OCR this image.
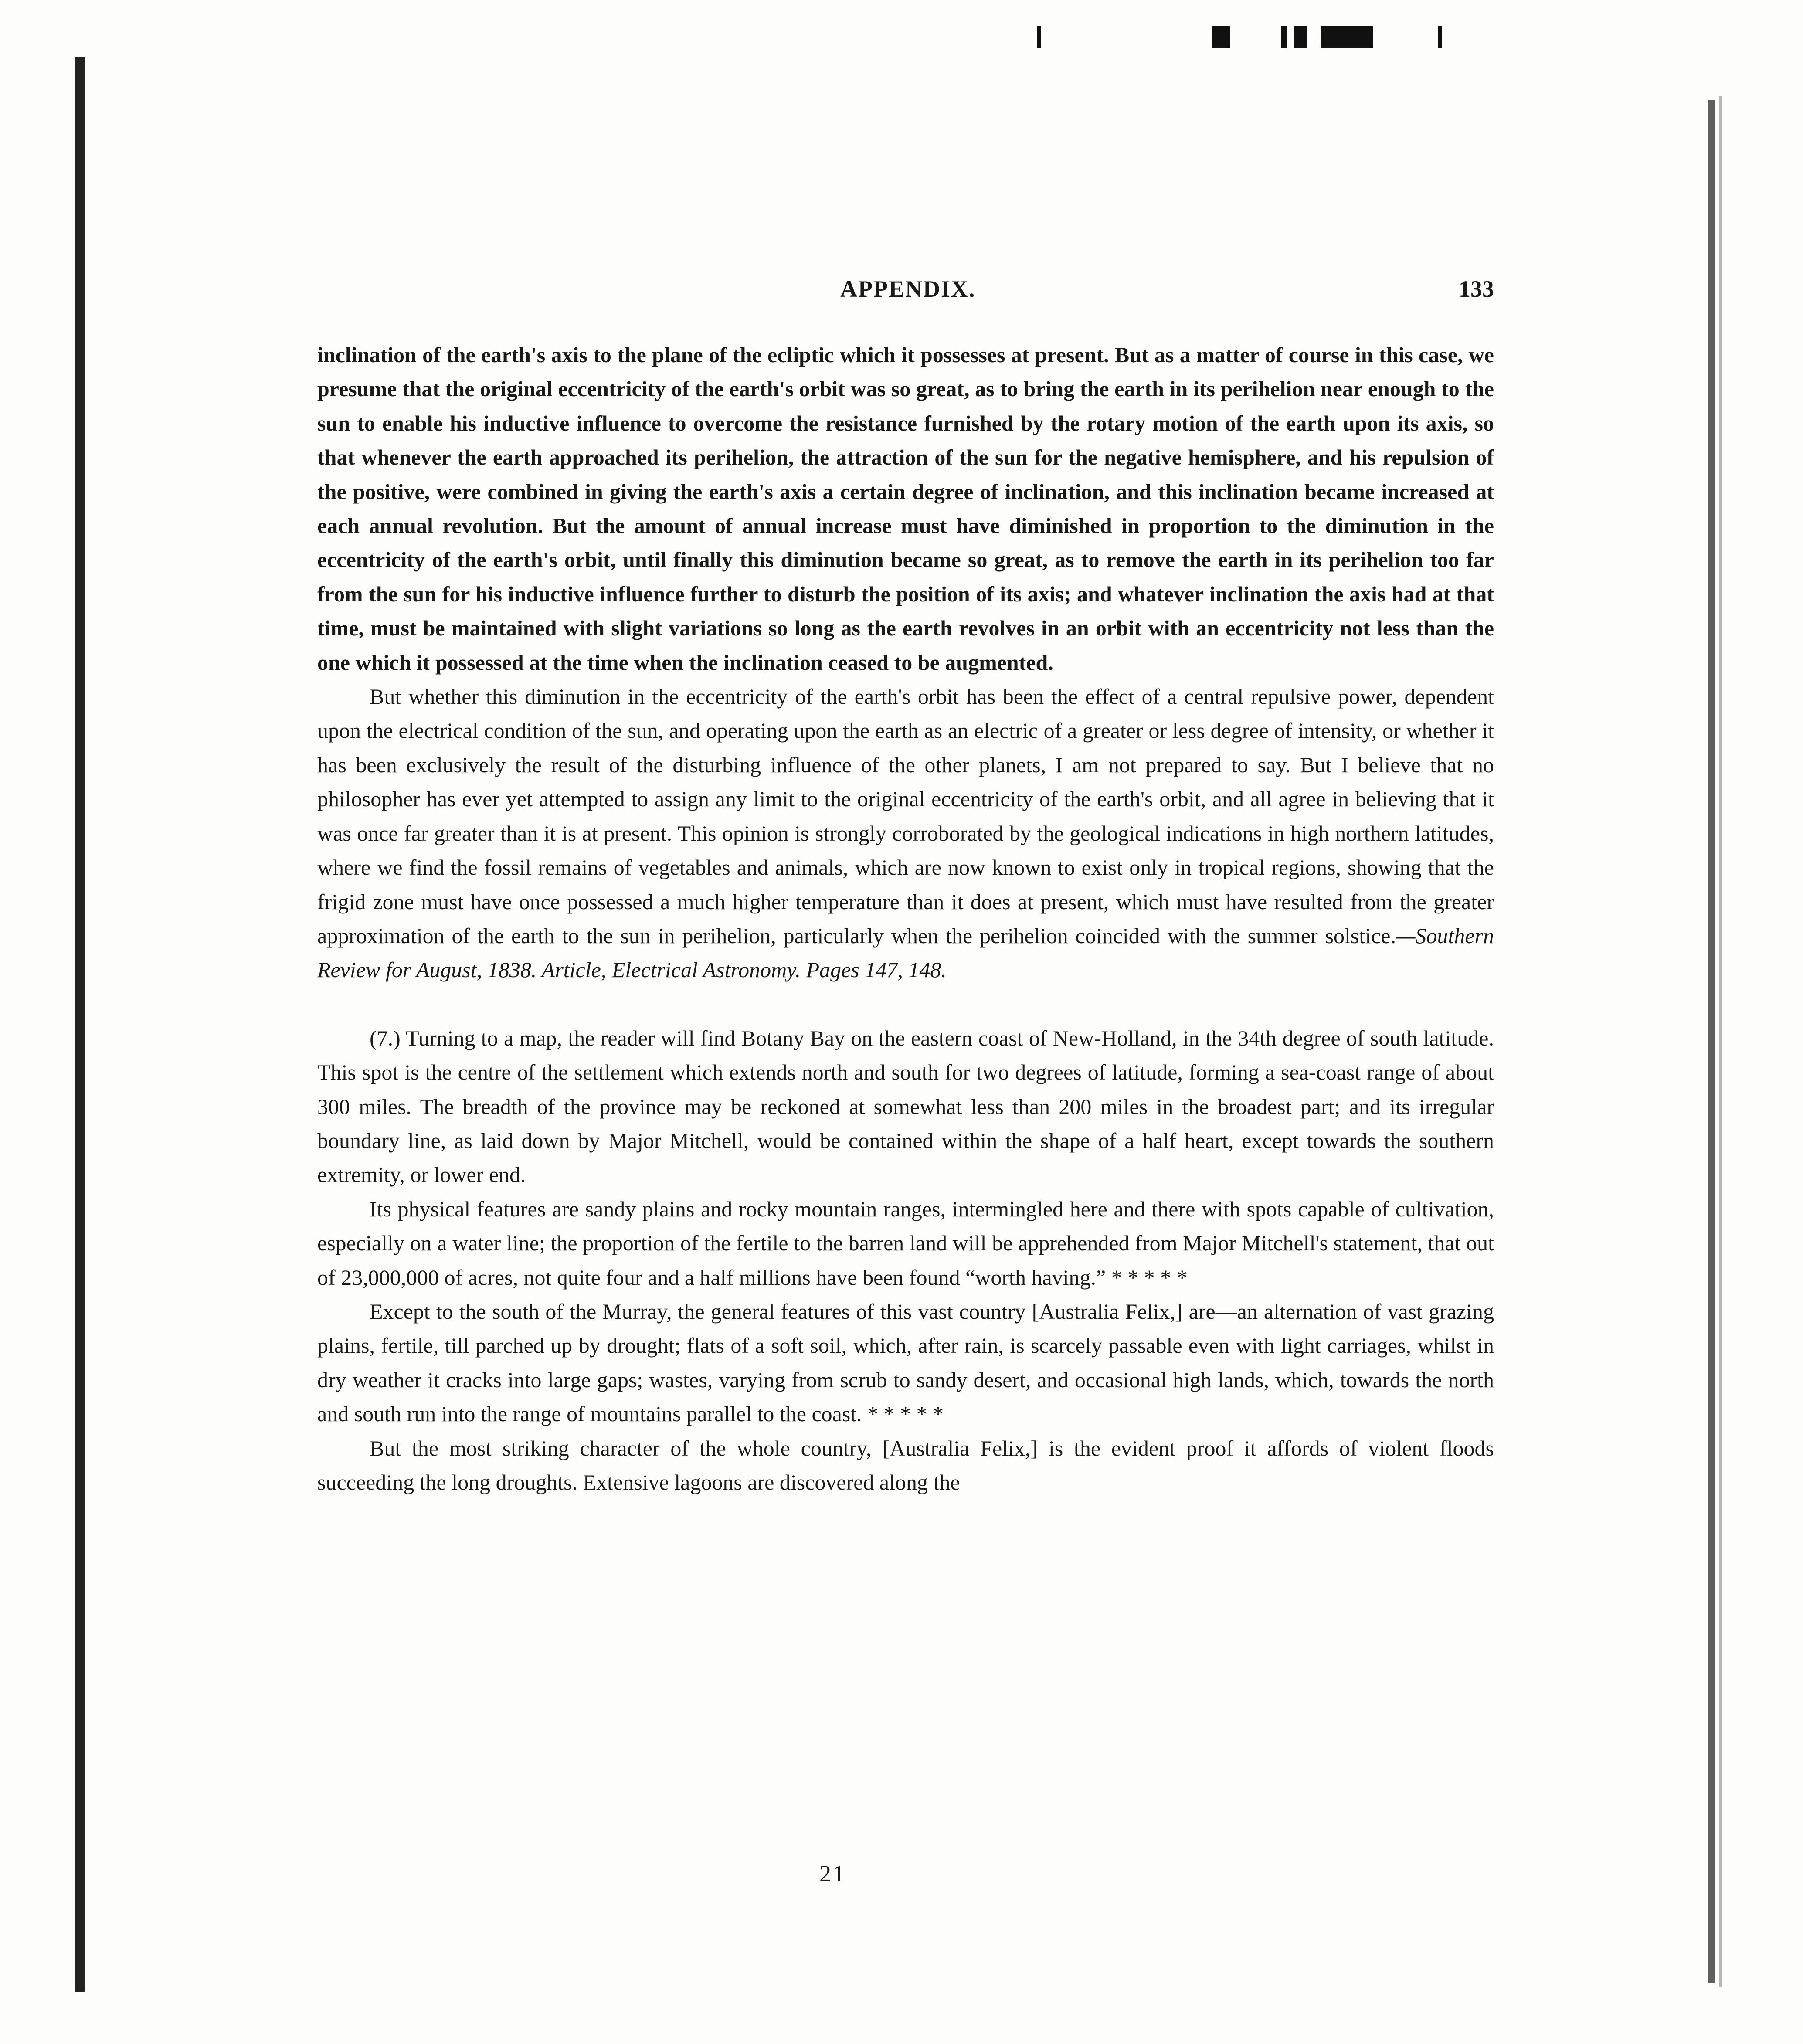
APPENDIX.	133

inclination of the earth's axis to the plane of the ecliptic which it possesses at present. But as a matter of course in this case, we presume that the original eccentricity of the earth's orbit was so great, as to bring the earth in its perihelion near enough to the sun to enable his inductive influence to overcome the resistance furnished by the rotary motion of the earth upon its axis, so that whenever the earth approached its perihelion, the attraction of the sun for the negative hemisphere, and his repulsion of the positive, were combined in giving the earth's axis a certain degree of inclination, and this inclination became increased at each annual revolution. But the amount of annual increase must have diminished in proportion to the diminution in the eccentricity of the earth's orbit, until finally this diminution became so great, as to remove the earth in its perihelion too far from the sun for his inductive influence further to disturb the position of its axis; and whatever inclination the axis had at that time, must be maintained with slight variations so long as the earth revolves in an orbit with an eccentricity not less than the one which it possessed at the time when the inclination ceased to be augmented.

But whether this diminution in the eccentricity of the earth's orbit has been the effect of a central repulsive power, dependent upon the electrical condition of the sun, and operating upon the earth as an electric of a greater or less degree of intensity, or whether it has been exclusively the result of the disturbing influence of the other planets, I am not prepared to say. But I believe that no philosopher has ever yet attempted to assign any limit to the original eccentricity of the earth's orbit, and all agree in believing that it was once far greater than it is at present. This opinion is strongly corroborated by the geological indications in high northern latitudes, where we find the fossil remains of vegetables and animals, which are now known to exist only in tropical regions, showing that the frigid zone must have once possessed a much higher temperature than it does at present, which must have resulted from the greater approximation of the earth to the sun in perihelion, particularly when the perihelion coincided with the summer solstice.—Southern Review for August, 1838. Article, Electrical Astronomy. Pages 147, 148.

(7.) Turning to a map, the reader will find Botany Bay on the eastern coast of New-Holland, in the 34th degree of south latitude. This spot is the centre of the settlement which extends north and south for two degrees of latitude, forming a sea-coast range of about 300 miles. The breadth of the province may be reckoned at somewhat less than 200 miles in the broadest part; and its irregular boundary line, as laid down by Major Mitchell, would be contained within the shape of a half heart, except towards the southern extremity, or lower end.

Its physical features are sandy plains and rocky mountain ranges, intermingled here and there with spots capable of cultivation, especially on a water line; the proportion of the fertile to the barren land will be apprehended from Major Mitchell's statement, that out of 23,000,000 of acres, not quite four and a half millions have been found “worth having.” * * * * *

Except to the south of the Murray, the general features of this vast country [Australia Felix,] are—an alternation of vast grazing plains, fertile, till parched up by drought; flats of a soft soil, which, after rain, is scarcely passable even with light carriages, whilst in dry weather it cracks into large gaps; wastes, varying from scrub to sandy desert, and occasional high lands, which, towards the north and south run into the range of mountains parallel to the coast. * * * * *

But the most striking character of the whole country, [Australia Felix,] is the evident proof it affords of violent floods succeeding the long droughts. Extensive lagoons are discovered along the

21
